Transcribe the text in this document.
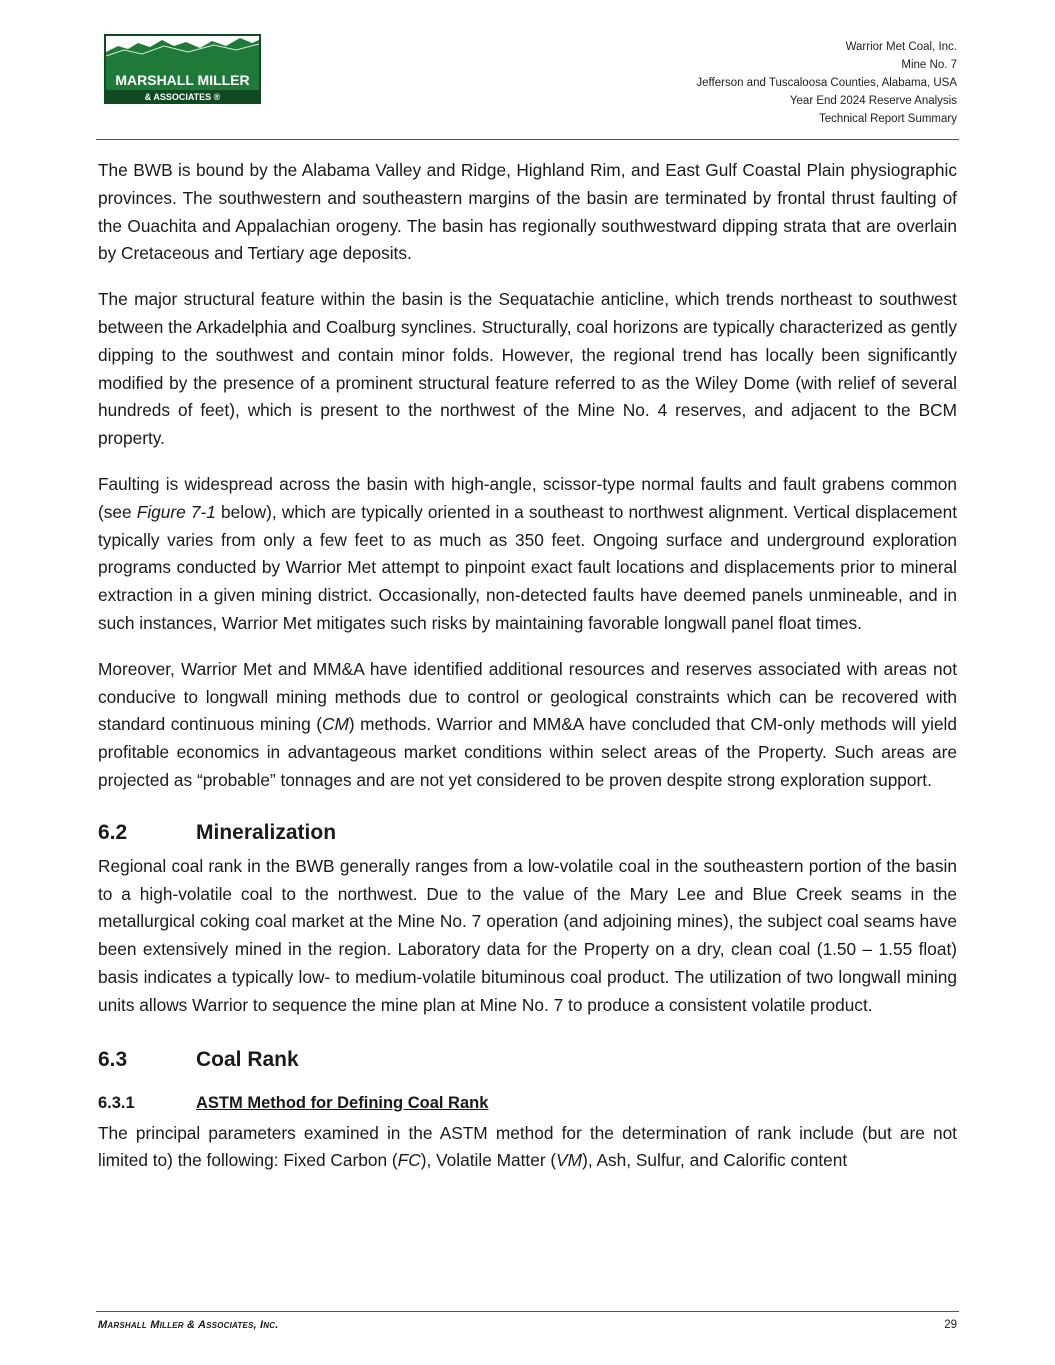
MARSHALL MILLER
& ASSOCIATES ®
Warrior Met Coal, Inc.
Mine No. 7
Jefferson and Tuscaloosa Counties, Alabama, USA
Year End 2024 Reserve Analysis
Technical Report Summary

The BWB is bound by the Alabama Valley and Ridge, Highland Rim, and East Gulf Coastal Plain physiographic provinces. The southwestern and southeastern margins of the basin are terminated by frontal thrust faulting of the Ouachita and Appalachian orogeny. The basin has regionally southwestward dipping strata that are overlain by Cretaceous and Tertiary age deposits.

The major structural feature within the basin is the Sequatachie anticline, which trends northeast to southwest between the Arkadelphia and Coalburg synclines. Structurally, coal horizons are typically characterized as gently dipping to the southwest and contain minor folds. However, the regional trend has locally been significantly modified by the presence of a prominent structural feature referred to as the Wiley Dome (with relief of several hundreds of feet), which is present to the northwest of the Mine No. 4 reserves, and adjacent to the BCM property.

Faulting is widespread across the basin with high-angle, scissor-type normal faults and fault grabens common (see Figure 7-1 below), which are typically oriented in a southeast to northwest alignment. Vertical displacement typically varies from only a few feet to as much as 350 feet. Ongoing surface and underground exploration programs conducted by Warrior Met attempt to pinpoint exact fault locations and displacements prior to mineral extraction in a given mining district. Occasionally, non-detected faults have deemed panels unmineable, and in such instances, Warrior Met mitigates such risks by maintaining favorable longwall panel float times.

Moreover, Warrior Met and MM&A have identified additional resources and reserves associated with areas not conducive to longwall mining methods due to control or geological constraints which can be recovered with standard continuous mining (CM) methods. Warrior and MM&A have concluded that CM-only methods will yield profitable economics in advantageous market conditions within select areas of the Property. Such areas are projected as “probable” tonnages and are not yet considered to be proven despite strong exploration support.

6.2	Mineralization

Regional coal rank in the BWB generally ranges from a low-volatile coal in the southeastern portion of the basin to a high-volatile coal to the northwest. Due to the value of the Mary Lee and Blue Creek seams in the metallurgical coking coal market at the Mine No. 7 operation (and adjoining mines), the subject coal seams have been extensively mined in the region. Laboratory data for the Property on a dry, clean coal (1.50 – 1.55 float) basis indicates a typically low- to medium-volatile bituminous coal product. The utilization of two longwall mining units allows Warrior to sequence the mine plan at Mine No. 7 to produce a consistent volatile product.

6.3	Coal Rank
6.3.1	ASTM Method for Defining Coal Rank

The principal parameters examined in the ASTM method for the determination of rank include (but are not limited to) the following: Fixed Carbon (FC), Volatile Matter (VM), Ash, Sulfur, and Calorific content

Marshall Miller & Associates, Inc.	29
